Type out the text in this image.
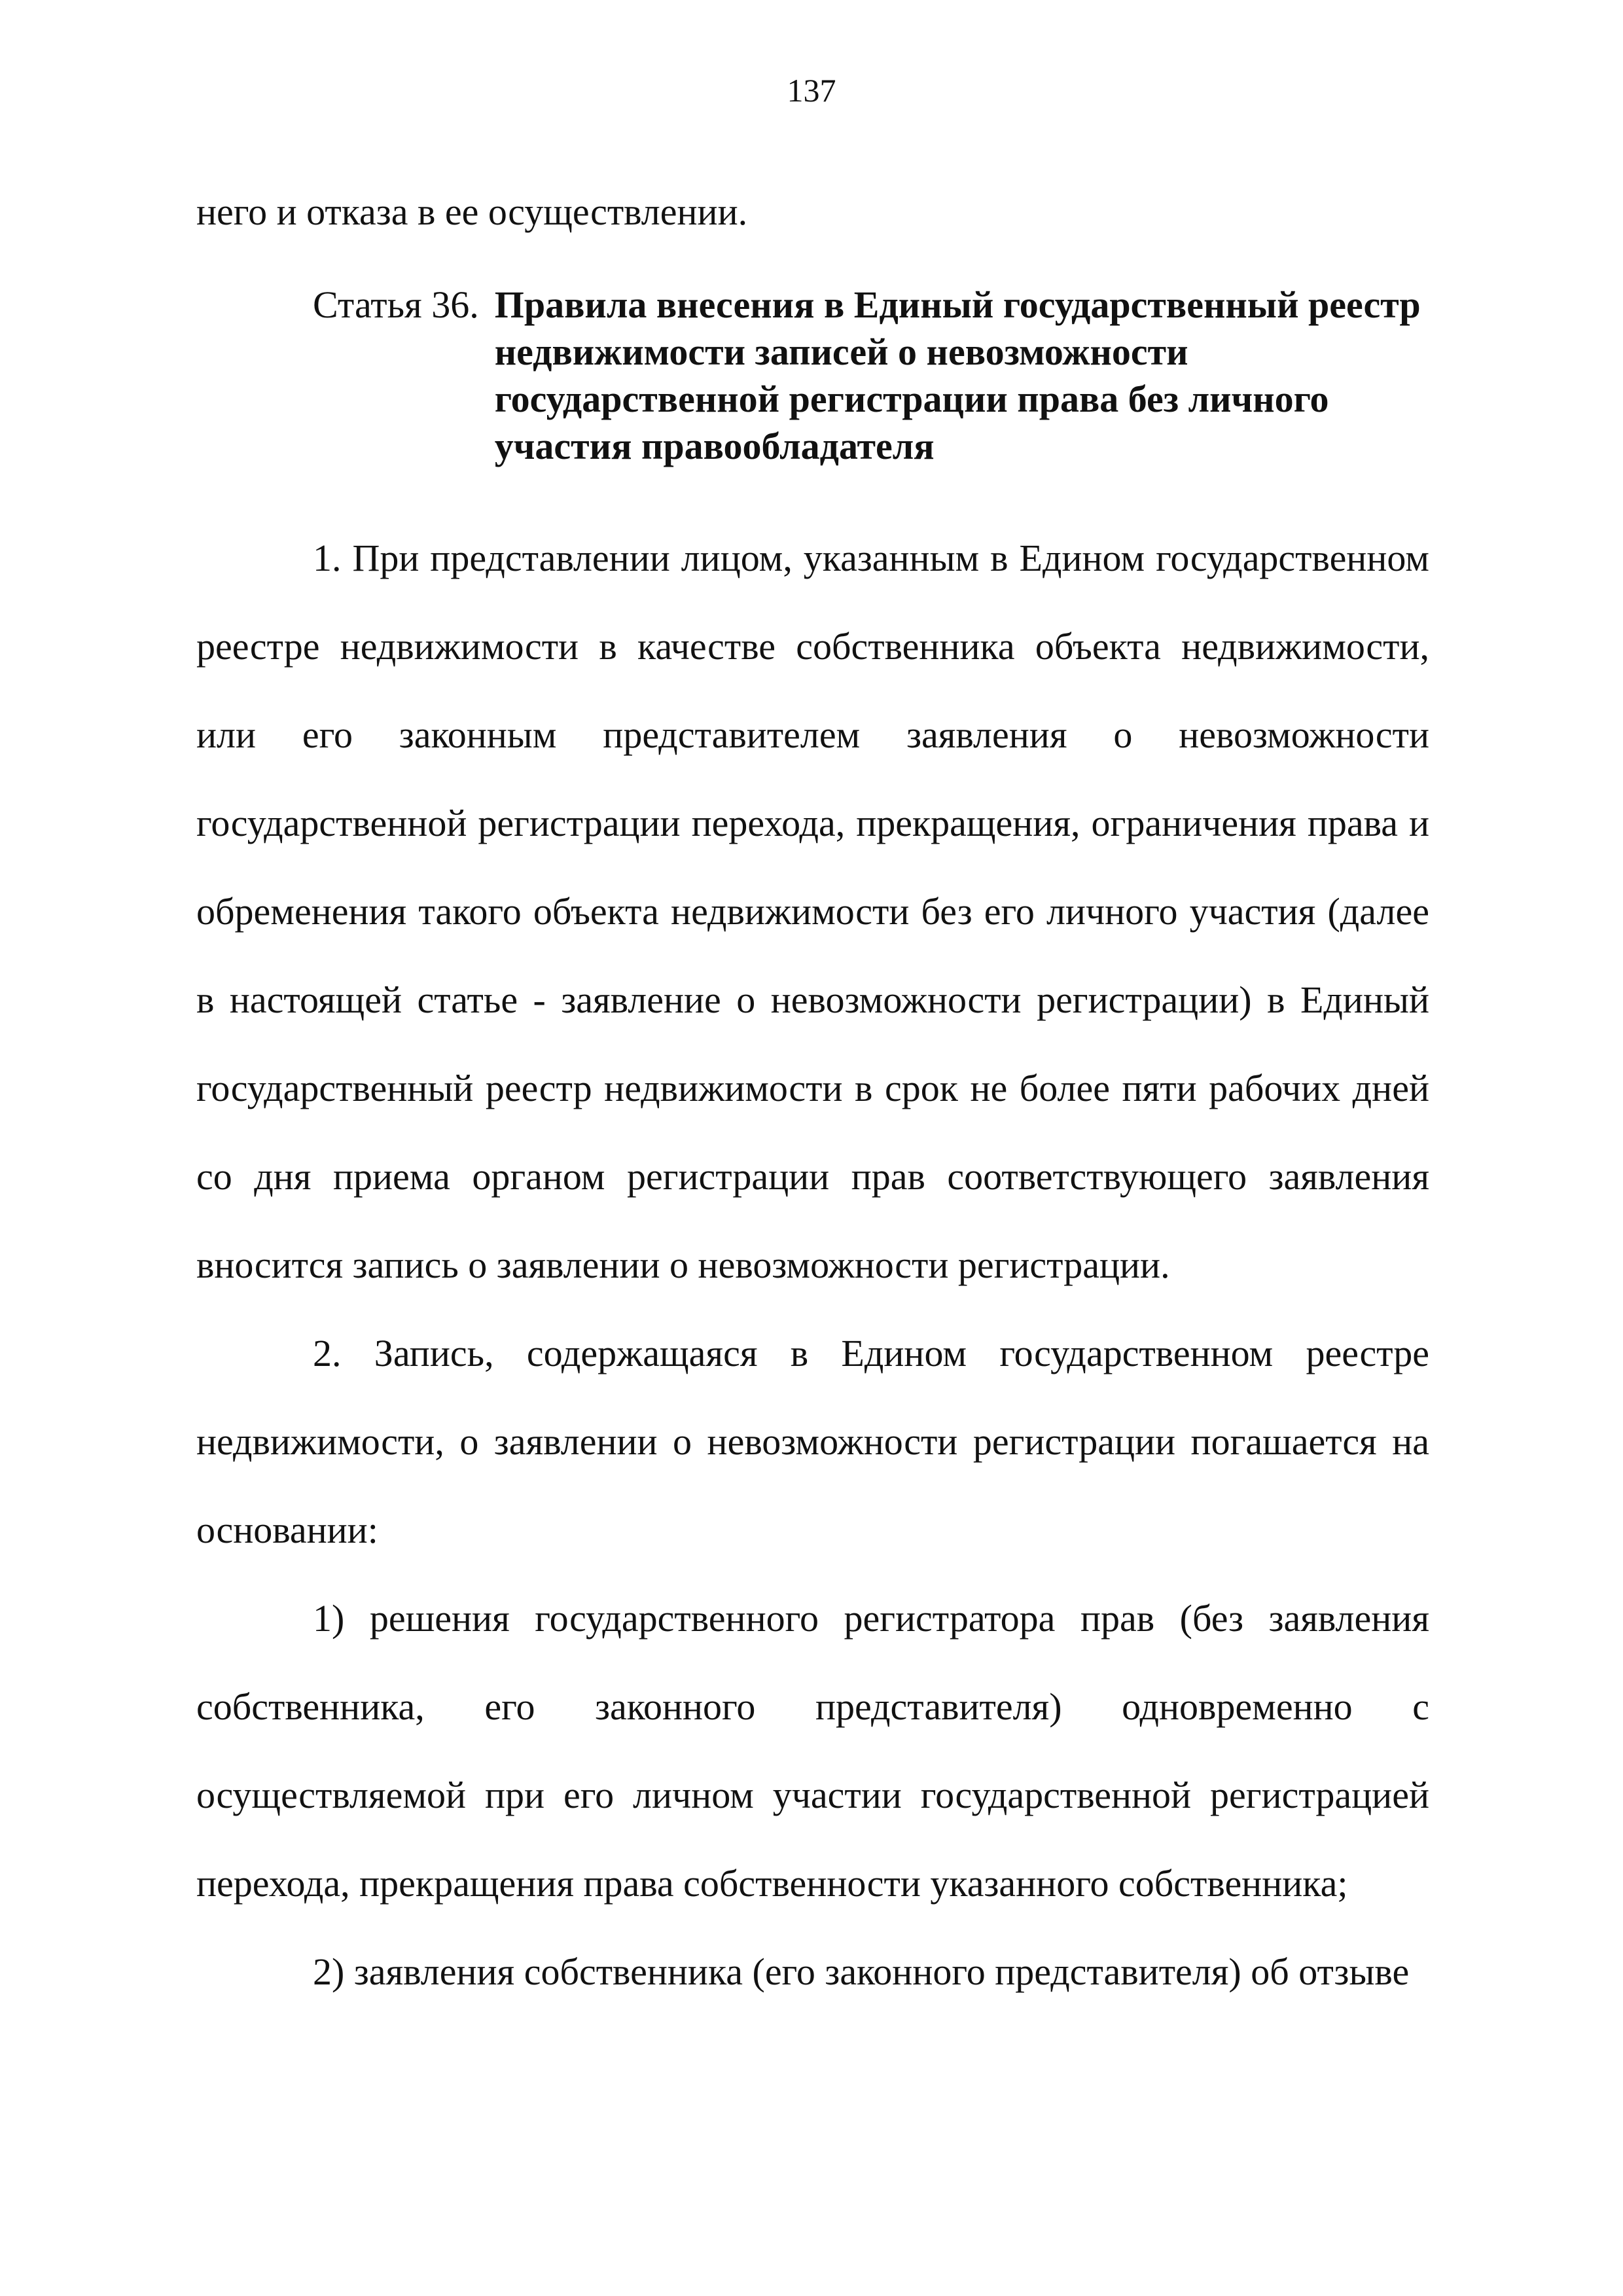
137
него и отказа в ее осуществлении.
Статья 36. Правила внесения в Единый государственный реестр недвижимости записей о невозможности государственной регистрации права без личного участия правообладателя

1. При представлении лицом, указанным в Едином государственном реестре недвижимости в качестве собственника объекта недвижимости, или его законным представителем заявления о невозможности государственной регистрации перехода, прекращения, ограничения права и обременения такого объекта недвижимости без его личного участия (далее в настоящей статье - заявление о невозможности регистрации) в Единый государственный реестр недвижимости в срок не более пяти рабочих дней со дня приема органом регистрации прав соответствующего заявления вносится запись о заявлении о невозможности регистрации.

2. Запись, содержащаяся в Едином государственном реестре недвижимости, о заявлении о невозможности регистрации погашается на основании:

1) решения государственного регистратора прав (без заявления собственника, его законного представителя) одновременно с осуществляемой при его личном участии государственной регистрацией перехода, прекращения права собственности указанного собственника;

2) заявления собственника (его законного представителя) об отзыве
